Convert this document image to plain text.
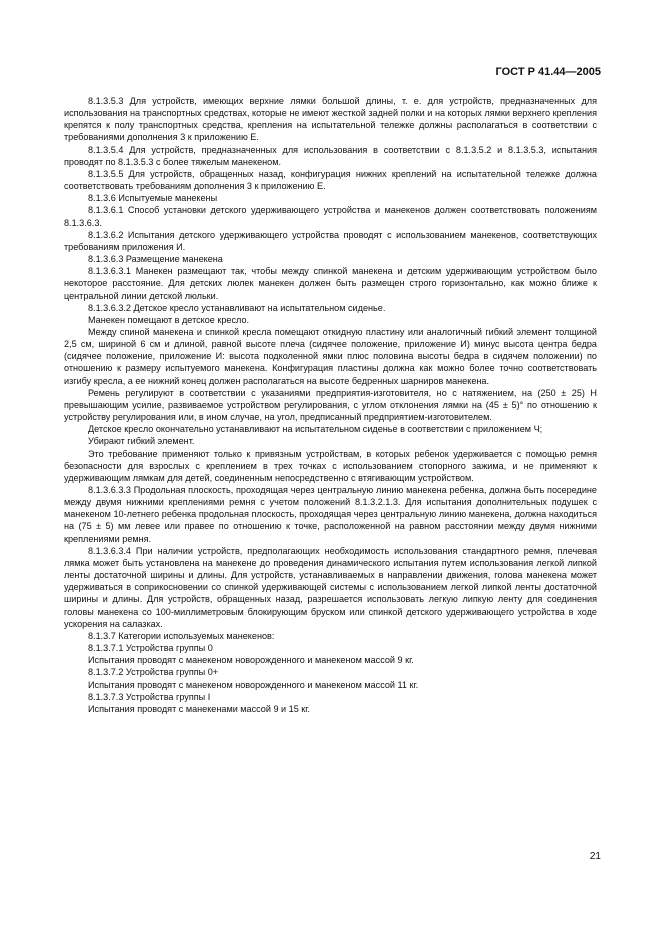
ГОСТ Р 41.44—2005

8.1.3.5.3 Для устройств, имеющих верхние лямки большой длины, т. е. для устройств, предназначенных для использования на транспортных средствах, которые не имеют жесткой задней полки и на которых лямки верхнего крепления крепятся к полу транспортных средства, крепления на испытательной тележке должны располагаться в соответствии с требованиями дополнения 3 к приложению Е.

8.1.3.5.4 Для устройств, предназначенных для использования в соответствии с 8.1.3.5.2 и 8.1.3.5.3, испытания проводят по 8.1.3.5.3 с более тяжелым манекеном.

8.1.3.5.5 Для устройств, обращенных назад, конфигурация нижних креплений на испытательной тележке должна соответствовать требованиям дополнения 3 к приложению Е.

8.1.3.6 Испытуемые манекены

8.1.3.6.1 Способ установки детского удерживающего устройства и манекенов должен соответствовать положениям 8.1.3.6.3.

8.1.3.6.2 Испытания детского удерживающего устройства проводят с использованием манекенов, соответствующих требованиям приложения И.

8.1.3.6.3 Размещение манекена

8.1.3.6.3.1 Манекен размещают так, чтобы между спинкой манекена и детским удерживающим устройством было некоторое расстояние. Для детских люлек манекен должен быть размещен строго горизонтально, как можно ближе к центральной линии детской люльки.

8.1.3.6.3.2 Детское кресло устанавливают на испытательном сиденье.

Манекен помещают в детское кресло.

Между спиной манекена и спинкой кресла помещают откидную пластину или аналогичный гибкий элемент толщиной 2,5 см, шириной 6 см и длиной, равной высоте плеча (сидячее положение, приложение И) минус высота центра бедра (сидячее положение, приложение И: высота подколенной ямки плюс половина высоты бедра в сидячем положении) по отношению к размеру испытуемого манекена. Конфигурация пластины должна как можно более точно соответствовать изгибу кресла, а ее нижний конец должен располагаться на высоте бедренных шарниров манекена.

Ремень регулируют в соответствии с указаниями предприятия-изготовителя, но с натяжением, на (250 ± 25) Н превышающим усилие, развиваемое устройством регулирования, с углом отклонения лямки на (45 ± 5)° по отношению к устройству регулирования или, в ином случае, на угол, предписанный предприятием-изготовителем.

Детское кресло окончательно устанавливают на испытательном сиденье в соответствии с приложением Ч;

Убирают гибкий элемент.

Это требование применяют только к привязным устройствам, в которых ребенок удерживается с помощью ремня безопасности для взрослых с креплением в трех точках с использованием стопорного зажима, и не применяют к удерживающим лямкам для детей, соединенным непосредственно с втягивающим устройством.

8.1.3.6.3.3 Продольная плоскость, проходящая через центральную линию манекена ребенка, должна быть посередине между двумя нижними креплениями ремня с учетом положений 8.1.3.2.1.3. Для испытания дополнительных подушек с манекеном 10-летнего ребенка продольная плоскость, проходящая через центральную линию манекена, должна находиться на (75 ± 5) мм левее или правее по отношению к точке, расположенной на равном расстоянии между двумя нижними креплениями ремня.

8.1.3.6.3.4 При наличии устройств, предполагающих необходимость использования стандартного ремня, плечевая лямка может быть установлена на манекене до проведения динамического испытания путем использования легкой липкой ленты достаточной ширины и длины. Для устройств, устанавливаемых в направлении движения, голова манекена может удерживаться в соприкосновении со спинкой удерживающей системы с использованием легкой липкой ленты достаточной ширины и длины. Для устройств, обращенных назад, разрешается использовать легкую липкую ленту для соединения головы манекена со 100-миллиметровым блокирующим бруском или спинкой детского удерживающего устройства в ходе ускорения на салазках.

8.1.3.7 Категории используемых манекенов:

8.1.3.7.1 Устройства группы 0

Испытания проводят с манекеном новорожденного и манекеном массой 9 кг.

8.1.3.7.2 Устройства группы 0+

Испытания проводят с манекеном новорожденного и манекеном массой 11 кг.

8.1.3.7.3 Устройства группы I

Испытания проводят с манекенами массой 9 и 15 кг.

21
